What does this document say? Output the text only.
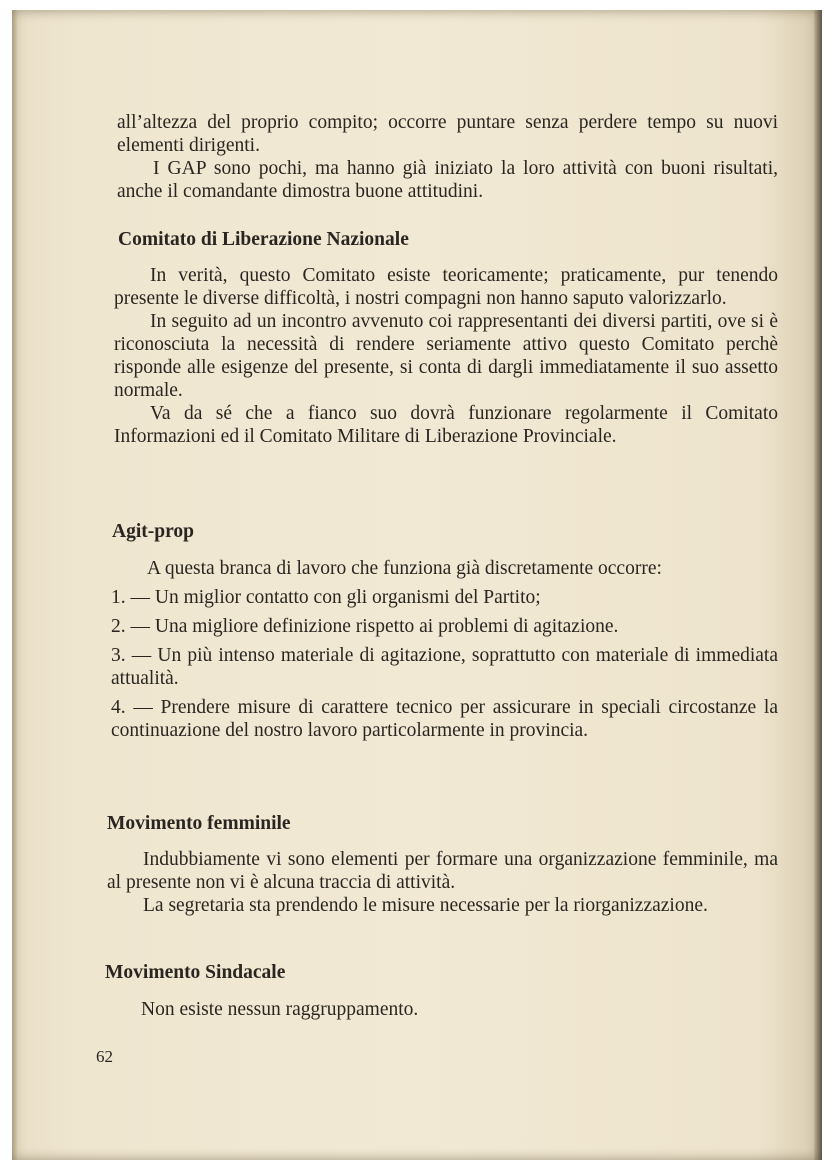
all’altezza del proprio compito; occorre puntare senza perdere tempo su nuovi elementi dirigenti.

I GAP sono pochi, ma hanno già iniziato la loro attività con buoni risultati, anche il comandante dimostra buone attitudini.

Comitato di Liberazione Nazionale

In verità, questo Comitato esiste teoricamente; praticamente, pur tenendo presente le diverse difficoltà, i nostri compagni non hanno saputo valorizzarlo.

In seguito ad un incontro avvenuto coi rappresentanti dei diversi partiti, ove si è riconosciuta la necessità di rendere seriamente attivo questo Comitato perchè risponde alle esigenze del presente, si conta di dargli immediatamente il suo assetto normale.

Va da sé che a fianco suo dovrà funzionare regolarmente il Comitato Informazioni ed il Comitato Militare di Liberazione Provinciale.

Agit-prop

A questa branca di lavoro che funziona già discretamente occorre:

1. — Un miglior contatto con gli organismi del Partito;

2. — Una migliore definizione rispetto ai problemi di agitazione.

3. — Un più intenso materiale di agitazione, soprattutto con materiale di immediata attualità.

4. — Prendere misure di carattere tecnico per assicurare in speciali circostanze la continuazione del nostro lavoro particolarmente in provincia.

Movimento femminile

Indubbiamente vi sono elementi per formare una organizzazione femminile, ma al presente non vi è alcuna traccia di attività.

La segretaria sta prendendo le misure necessarie per la riorganizzazione.

Movimento Sindacale

Non esiste nessun raggruppamento.

62
